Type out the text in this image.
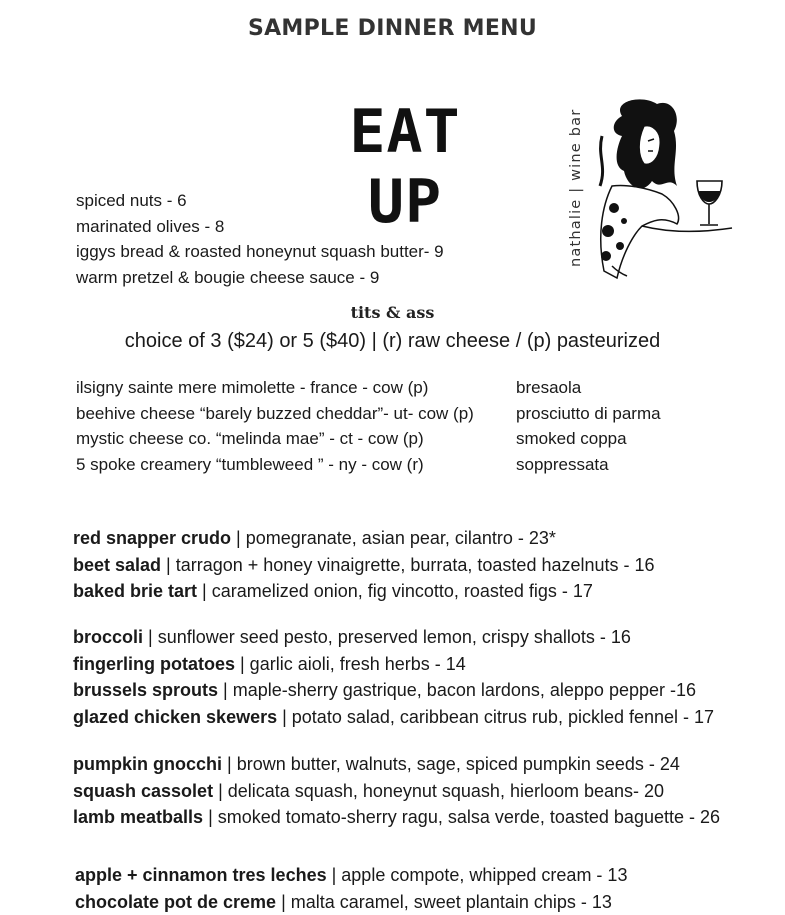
SAMPLE DINNER MENU
EAT UP	nathalie | wine bar
spiced nuts - 6
marinated olives - 8
iggys bread & roasted honeynut squash butter- 9
warm pretzel & bougie cheese sauce - 9
tits & ass
choice of 3 ($24) or 5 ($40) | (r) raw cheese / (p) pasteurized
ilsigny sainte mere mimolette - france - cow (p)
beehive cheese “barely buzzed cheddar”- ut- cow (p)
mystic cheese co. “melinda mae” - ct - cow (p)
5 spoke creamery “tumbleweed ” - ny - cow (r)
bresaola
prosciutto di parma
smoked coppa
soppressata
red snapper crudo | pomegranate, asian pear, cilantro - 23*
beet salad | tarragon + honey vinaigrette, burrata, toasted hazelnuts - 16
baked brie tart | caramelized onion, fig vincotto, roasted figs - 17
broccoli | sunflower seed pesto, preserved lemon, crispy shallots - 16
fingerling potatoes | garlic aioli, fresh herbs - 14
brussels sprouts | maple-sherry gastrique, bacon lardons, aleppo pepper -16
glazed chicken skewers | potato salad, caribbean citrus rub, pickled fennel - 17
pumpkin gnocchi | brown butter, walnuts, sage, spiced pumpkin seeds - 24
squash cassolet | delicata squash, honeynut squash, hierloom beans- 20
lamb meatballs | smoked tomato-sherry ragu, salsa verde, toasted baguette - 26
apple + cinnamon tres leches | apple compote, whipped cream - 13
chocolate pot de creme | malta caramel, sweet plantain chips - 13
